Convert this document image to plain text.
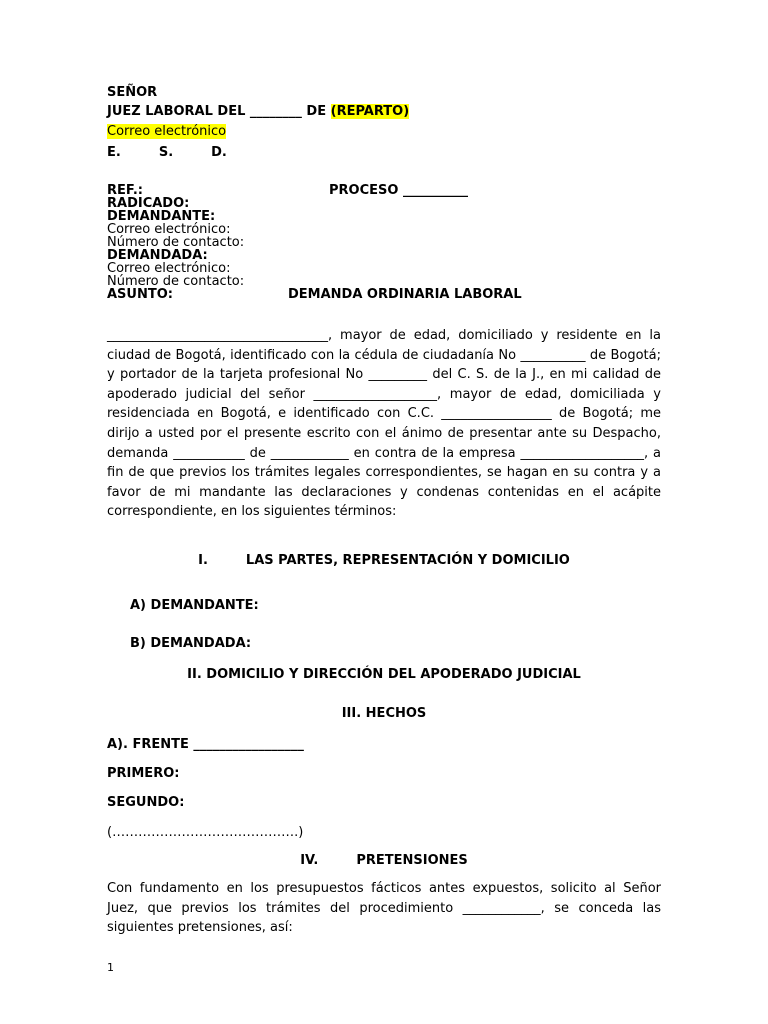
SEÑOR
JUEZ LABORAL DEL ________ DE (REPARTO)
Correo electrónico
E.	S.	D.
REF.:	PROCESO __________
RADICADO:
DEMANDANTE:
Correo electrónico:
Número de contacto:
DEMANDADA:
Correo electrónico:
Número de contacto:
ASUNTO:	DEMANDA ORDINARIA LABORAL
__________________________________, mayor de edad, domiciliado y residente en la ciudad de Bogotá, identificado con la cédula de ciudadanía No __________ de Bogotá; y portador de la tarjeta profesional No _________ del C. S. de la J., en mi calidad de apoderado judicial del señor ___________________, mayor de edad, domiciliada y residenciada en Bogotá, e identificado con C.C. _________________ de Bogotá; me dirijo a usted por el presente escrito con el ánimo de presentar ante su Despacho, demanda ___________ de ____________ en contra de la empresa ___________________, a fin de que previos los trámites legales correspondientes, se hagan en su contra y a favor de mi mandante las declaraciones y condenas contenidas en el acápite correspondiente, en los siguientes términos:
I.	LAS PARTES, REPRESENTACIÓN Y DOMICILIO
A) DEMANDANTE:
B) DEMANDADA:
II. DOMICILIO Y DIRECCIÓN DEL APODERADO JUDICIAL
III. HECHOS
A). FRENTE _________________
PRIMERO:
SEGUNDO:
(…………………………………….)
IV.	PRETENSIONES
Con fundamento en los presupuestos fácticos antes expuestos, solicito al Señor Juez, que previos los trámites del procedimiento ____________, se conceda las siguientes pretensiones, así:
1
